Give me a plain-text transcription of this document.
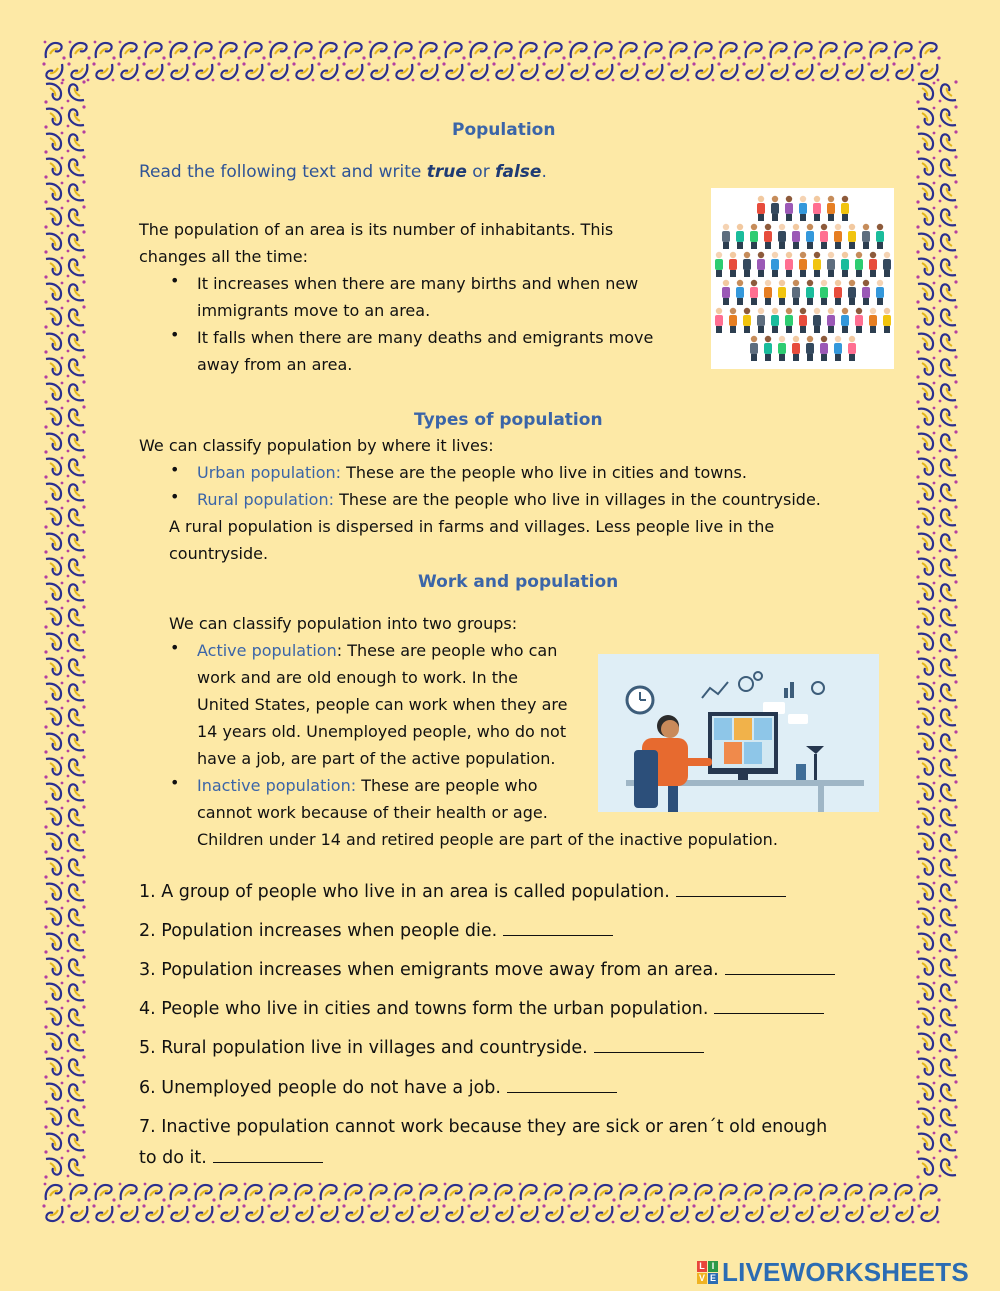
Population
Read the following text and write true or false.
The population of an area is its number of inhabitants. This
changes all the time:
• It increases when there are many births and when new
immigrants move to an area.
• It falls when there are many deaths and emigrants move
away from an area.
Types of population
We can classify population by where it lives:
• Urban population: These are the people who live in cities and towns.
• Rural population: These are the people who live in villages in the countryside.
A rural population is dispersed in farms and villages. Less people live in the
countryside.
Work and population
We can classify population into two groups:
• Active population: These are people who can
work and are old enough to work. In the
United States, people can work when they are
14 years old. Unemployed people, who do not
have a job, are part of the active population.
• Inactive population: These are people who
cannot work because of their health or age.
Children under 14 and retired people are part of the inactive population.
1. A group of people who live in an area is called population.
2. Population increases when people die.
3. Population increases when emigrants move away from an area.
4. People who live in cities and towns form the urban population.
5. Rural population live in villages and countryside.
6. Unemployed people do not have a job.
7. Inactive population cannot work because they are sick or aren´t old enough
to do it.
L I
V E LIVEWORKSHEETS
